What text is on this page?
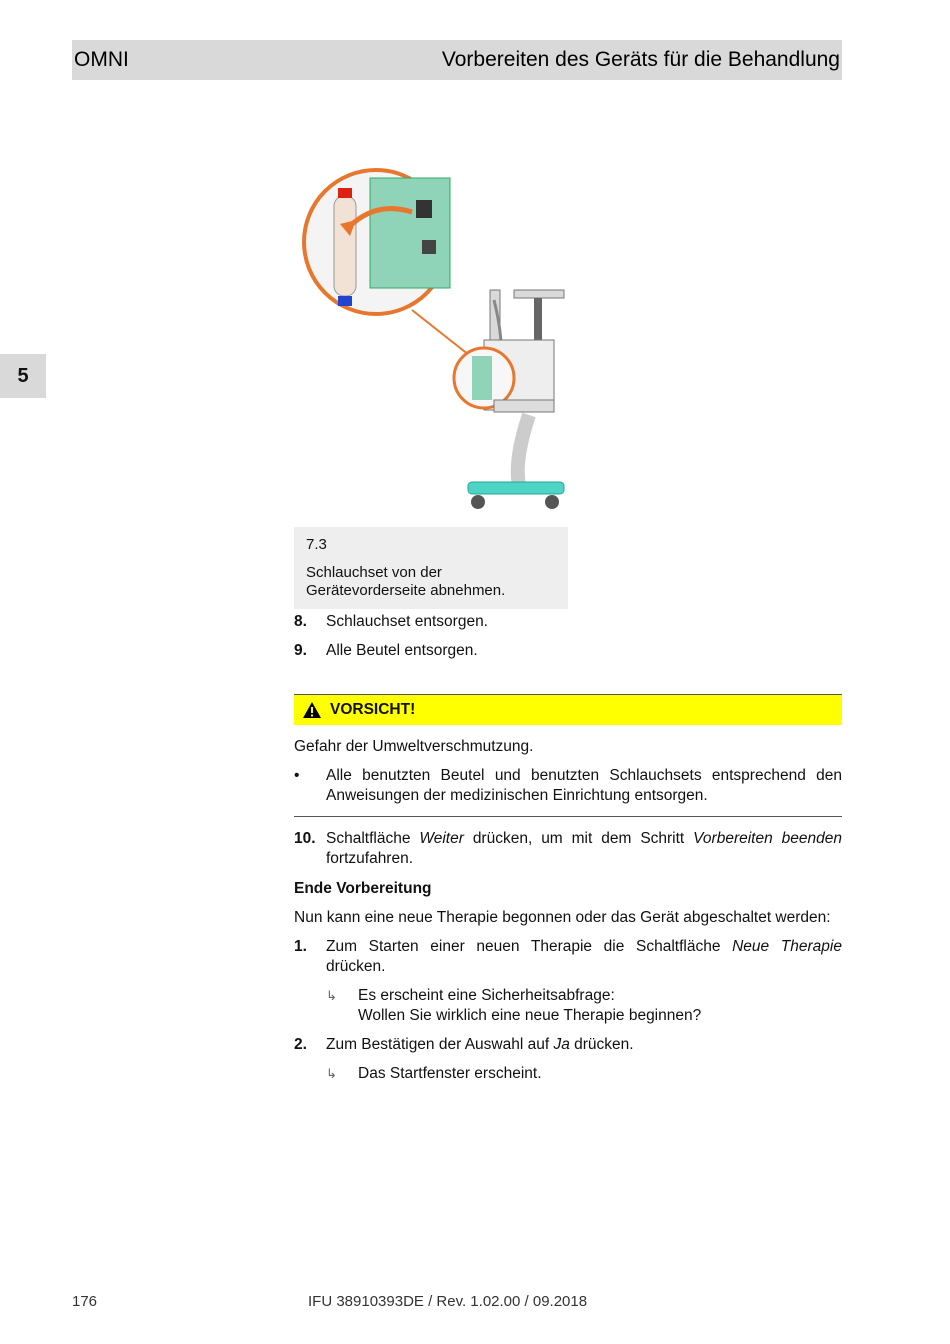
OMNI	Vorbereiten des Geräts für die Behandlung
5
7.3
Schlauchset von der Gerätevorderseite abnehmen.
8.	Schlauchset entsorgen.
9.	Alle Beutel entsorgen.
VORSICHT!
Gefahr der Umweltverschmutzung.
•	Alle benutzten Beutel und benutzten Schlauchsets entsprechend den Anweisungen der medizinischen Einrichtung entsorgen.
10. Schaltfläche Weiter drücken, um mit dem Schritt Vorbereiten beenden fortzufahren.
Ende Vorbereitung
Nun kann eine neue Therapie begonnen oder das Gerät abgeschaltet werden:
1.	Zum Starten einer neuen Therapie die Schaltfläche Neue Therapie drücken.
↳	Es erscheint eine Sicherheitsabfrage:
Wollen Sie wirklich eine neue Therapie beginnen?
2.	Zum Bestätigen der Auswahl auf Ja drücken.
↳	Das Startfenster erscheint.
176	IFU 38910393DE / Rev. 1.02.00 / 09.2018
